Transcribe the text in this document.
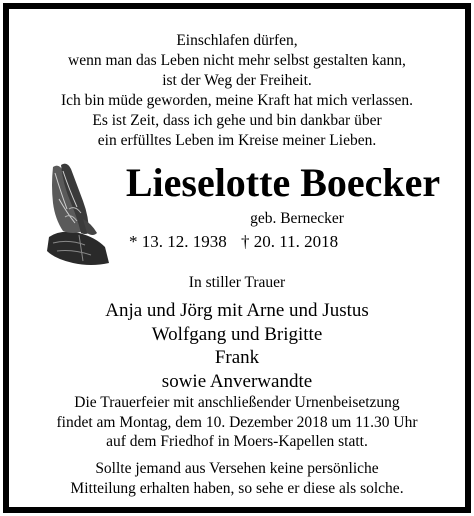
Einschlafen dürfen,
wenn man das Leben nicht mehr selbst gestalten kann,
ist der Weg der Freiheit.
Ich bin müde geworden, meine Kraft hat mich verlassen.
Es ist Zeit, dass ich gehe und bin dankbar über
ein erfülltes Leben im Kreise meiner Lieben.
Lieselotte Boecker
geb. Bernecker
* 13. 12. 1938 † 20. 11. 2018
In stiller Trauer
Anja und Jörg mit Arne und Justus
Wolfgang und Brigitte
Frank
sowie Anverwandte
Die Trauerfeier mit anschließender Urnenbeisetzung
findet am Montag, dem 10. Dezember 2018 um 11.30 Uhr
auf dem Friedhof in Moers-Kapellen statt.
Sollte jemand aus Versehen keine persönliche
Mitteilung erhalten haben, so sehe er diese als solche.
